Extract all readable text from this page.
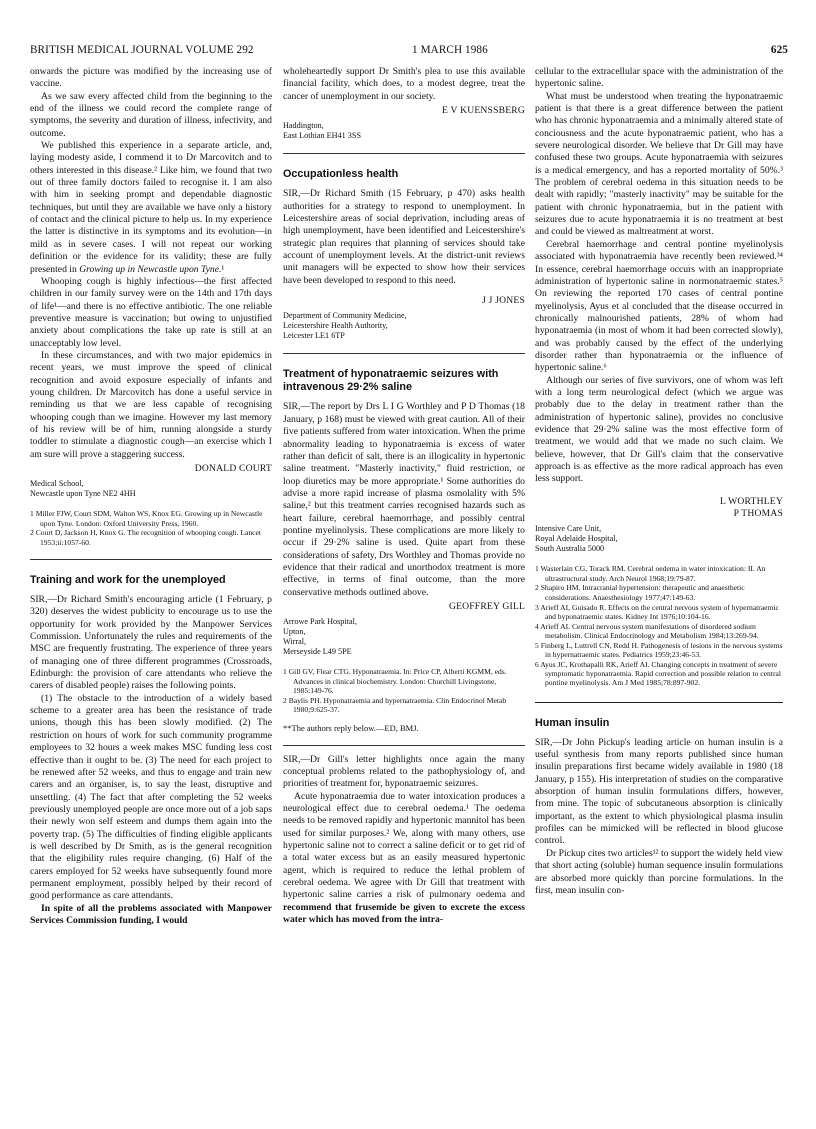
BRITISH MEDICAL JOURNAL VOLUME 292	1 MARCH 1986	625

onwards the picture was modified by the increasing use of vaccine.

As we saw every affected child from the beginning to the end of the illness we could record the complete range of symptoms, the severity and duration of illness, infectivity, and outcome.

We published this experience in a separate article, and, laying modesty aside, I commend it to Dr Marcovitch and to others interested in this disease.² Like him, we found that two out of three family doctors failed to recognise it. I am also with him in seeking prompt and dependable diagnostic techniques, but until they are available we have only a history of contact and the clinical picture to help us. In my experience the latter is distinctive in its symptoms and its evolution—in mild as in severe cases. I will not repeat our working definition or the evidence for its validity; these are fully presented in Growing up in Newcastle upon Tyne.¹

Whooping cough is highly infectious—the first affected children in our family survey were on the 14th and 17th days of life¹—and there is no effective antibiotic. The one reliable preventive measure is vaccination; but owing to unjustified anxiety about complications the take up rate is still at an unacceptably low level.

In these circumstances, and with two major epidemics in recent years, we must improve the speed of clinical recognition and avoid exposure especially of infants and young children. Dr Marcovitch has done a useful service in reminding us that we are less capable of recognising whooping cough than we imagine. However my last memory of his review will be of him, running alongside a sturdy toddler to stimulate a diagnostic cough—an exercise which I am sure will prove a staggering success.

DONALD COURT
Medical School,
Newcastle upon Tyne NE2 4HH
1 Miller FJW, Court SDM, Walton WS, Knox EG. Growing up in Newcastle upon Tyne. London: Oxford University Press, 1960.
2 Court D, Jackson H, Knox G. The recognition of whooping cough. Lancet 1953;ii:1057-60.
Training and work for the unemployed

SIR,—Dr Richard Smith's encouraging article (1 February, p 320) deserves the widest publicity to encourage us to use the opportunity for work provided by the Manpower Services Commission. Unfortunately the rules and requirements of the MSC are frequently frustrating. The experience of three years of managing one of three different programmes (Crossroads, Edinburgh: the provision of care attendants who relieve the carers of disabled people) raises the following points.

(1) The obstacle to the introduction of a widely based scheme to a greater area has been the resistance of trade unions, though this has been slowly modified. (2) The restriction on hours of work for such community programme employees to 32 hours a week makes MSC funding less cost effective than it ought to be. (3) The need for each project to be renewed after 52 weeks, and thus to engage and train new carers and an organiser, is, to say the least, disruptive and unsettling. (4) The fact that after completing the 52 weeks previously unemployed people are once more out of a job saps their newly won self esteem and dumps them again into the poverty trap. (5) The difficulties of finding eligible applicants is well described by Dr Smith, as is the general recognition that the eligibility rules require changing. (6) Half of the carers employed for 52 weeks have subsequently found more permanent employment, possibly helped by their record of good performance as care attendants.

In spite of all the problems associated with Manpower Services Commission funding, I would

wholeheartedly support Dr Smith's plea to use this available financial facility, which does, to a modest degree, treat the cancer of unemployment in our society.

E V KUENSSBERG
Haddington,
East Lothian EH41 3SS
Occupationless health

SIR,—Dr Richard Smith (15 February, p 470) asks health authorities for a strategy to respond to unemployment. In Leicestershire areas of social deprivation, including areas of high unemployment, have been identified and Leicestershire's strategic plan requires that planning of services should take account of unemployment levels. At the district-unit reviews unit managers will be expected to show how their services have been developed to respond to this need.

J J JONES
Department of Community Medicine,
Leicestershire Health Authority,
Leicester LE1 6TP
Treatment of hyponatraemic seizures with intravenous 29·2% saline

SIR,—The report by Drs L I G Worthley and P D Thomas (18 January, p 168) must be viewed with great caution. All of their five patients suffered from water intoxication. When the prime abnormality leading to hyponatraemia is excess of water rather than deficit of salt, there is an illogicality in hypertonic saline treatment. "Masterly inactivity," fluid restriction, or loop diuretics may be more appropriate.¹ Some authorities do advise a more rapid increase of plasma osmolality with 5% saline,² but this treatment carries recognised hazards such as heart failure, cerebral haemorrhage, and possibly central pontine myelinolysis. These complications are more likely to occur if 29·2% saline is used. Quite apart from these considerations of safety, Drs Worthley and Thomas provide no evidence that their radical and unorthodox treatment is more effective, in terms of final outcome, than the more conservative methods outlined above.

GEOFFREY GILL
Arrowe Park Hospital,
Upton,
Wirral,
Merseyside L49 5PE
1 Gill GV, Flear CTG. Hyponatraemia. In: Price CP, Alberti KGMM, eds. Advances in clinical biochemistry. London: Churchill Livingstone, 1985:149-76.
2 Baylis PH. Hyponatraemia and hypernatraemia. Clin Endocrinol Metab 1980;9:625-37.
**The authors reply below.—ED, BMJ.

SIR,—Dr Gill's letter highlights once again the many conceptual problems related to the pathophysiology of, and priorities of treatment for, hyponatraemic seizures.

Acute hyponatraemia due to water intoxication produces a neurological effect due to cerebral oedema.¹ The oedema needs to be removed rapidly and hypertonic mannitol has been used for similar purposes.² We, along with many others, use hypertonic saline not to correct a saline deficit or to get rid of a total water excess but as an easily measured hypertonic agent, which is required to reduce the lethal problem of cerebral oedema. We agree with Dr Gill that treatment with hypertonic saline carries a risk of pulmonary oedema and recommend that frusemide be given to excrete the excess water which has moved from the intra-

cellular to the extracellular space with the administration of the hypertonic saline.

What must be understood when treating the hyponatraemic patient is that there is a great difference between the patient who has chronic hyponatraemia and a minimally altered state of conciousness and the acute hyponatraemic patient, who has a severe neurological disorder. We believe that Dr Gill may have confused these two groups. Acute hyponatraemia with seizures is a medical emergency, and has a reported mortality of 50%.³ The problem of cerebral oedema in this situation needs to be dealt with rapidly; "masterly inactivity" may be suitable for the patient with chronic hyponatraemia, but in the patient with seizures due to acute hyponatraemia it is no treatment at best and could be viewed as maltreatment at worst.

Cerebral haemorrhage and central pontine myelinolysis associated with hyponatraemia have recently been reviewed.³⁴ In essence, cerebral haemorrhage occurs with an inappropriate administration of hypertonic saline in normonatraemic states.⁵ On reviewing the reported 170 cases of central pontine myelinolysis, Ayus et al concluded that the disease occurred in chronically malnourished patients, 28% of whom had hyponatraemia (in most of whom it had been corrected slowly), and was probably caused by the effect of the underlying disorder rather than hyponatraemia or the influence of hypertonic saline.⁶

Although our series of five survivors, one of whom was left with a long term neurological defect (which we argue was probably due to the delay in treatment rather than the administration of hypertonic saline), provides no conclusive evidence that 29·2% saline was the most effective form of treatment, we would add that we made no such claim. We believe, however, that Dr Gill's claim that the conservative approach is as effective as the more radical approach has even less support.

L WORTHLEY
P THOMAS
Intensive Care Unit,
Royal Adelaide Hospital,
South Australia 5000
1 Wasterlain CG, Torack RM. Cerebral oedema in water intoxication: II. An ultrastructural study. Arch Neurol 1968;19:79-87.
2 Shapiro HM. Intracranial hypertension: therapeutic and anaesthetic considerations. Anaesthesiology 1977;47:149-63.
3 Arieff AI, Guisado R. Effects on the central nervous system of hypernatraemic and hyponatraemic states. Kidney Int 1976;10:104-16.
4 Arieff AI. Central nervous system manifestations of disordered sodium metabolism. Clinical Endocrinology and Metabolism 1984;13:269-94.
5 Finberg L, Luttrell CN, Redd H. Pathogenesis of lesions in the nervous systems in hypernatraemic states. Pediatrics 1959;23:46-53.
6 Ayus JC, Krothapalli RK, Arieff AI. Changing concepts in treatment of severe symptomatic hyponatraemia. Rapid correction and possible relation to central pontine myelinolysis. Am J Med 1985;78:897-902.
Human insulin

SIR,—Dr John Pickup's leading article on human insulin is a useful synthesis from many reports published since human insulin preparations first became widely available in 1980 (18 January, p 155). His interpretation of studies on the comparative absorption of human insulin formulations differs, however, from mine. The topic of subcutaneous absorption is clinically important, as the extent to which physiological plasma insulin profiles can be mimicked will be reflected in blood glucose control.

Dr Pickup cites two articles¹² to support the widely held view that short acting (soluble) human sequence insulin formulations are absorbed more quickly than porcine formulations. In the first, mean insulin con-
